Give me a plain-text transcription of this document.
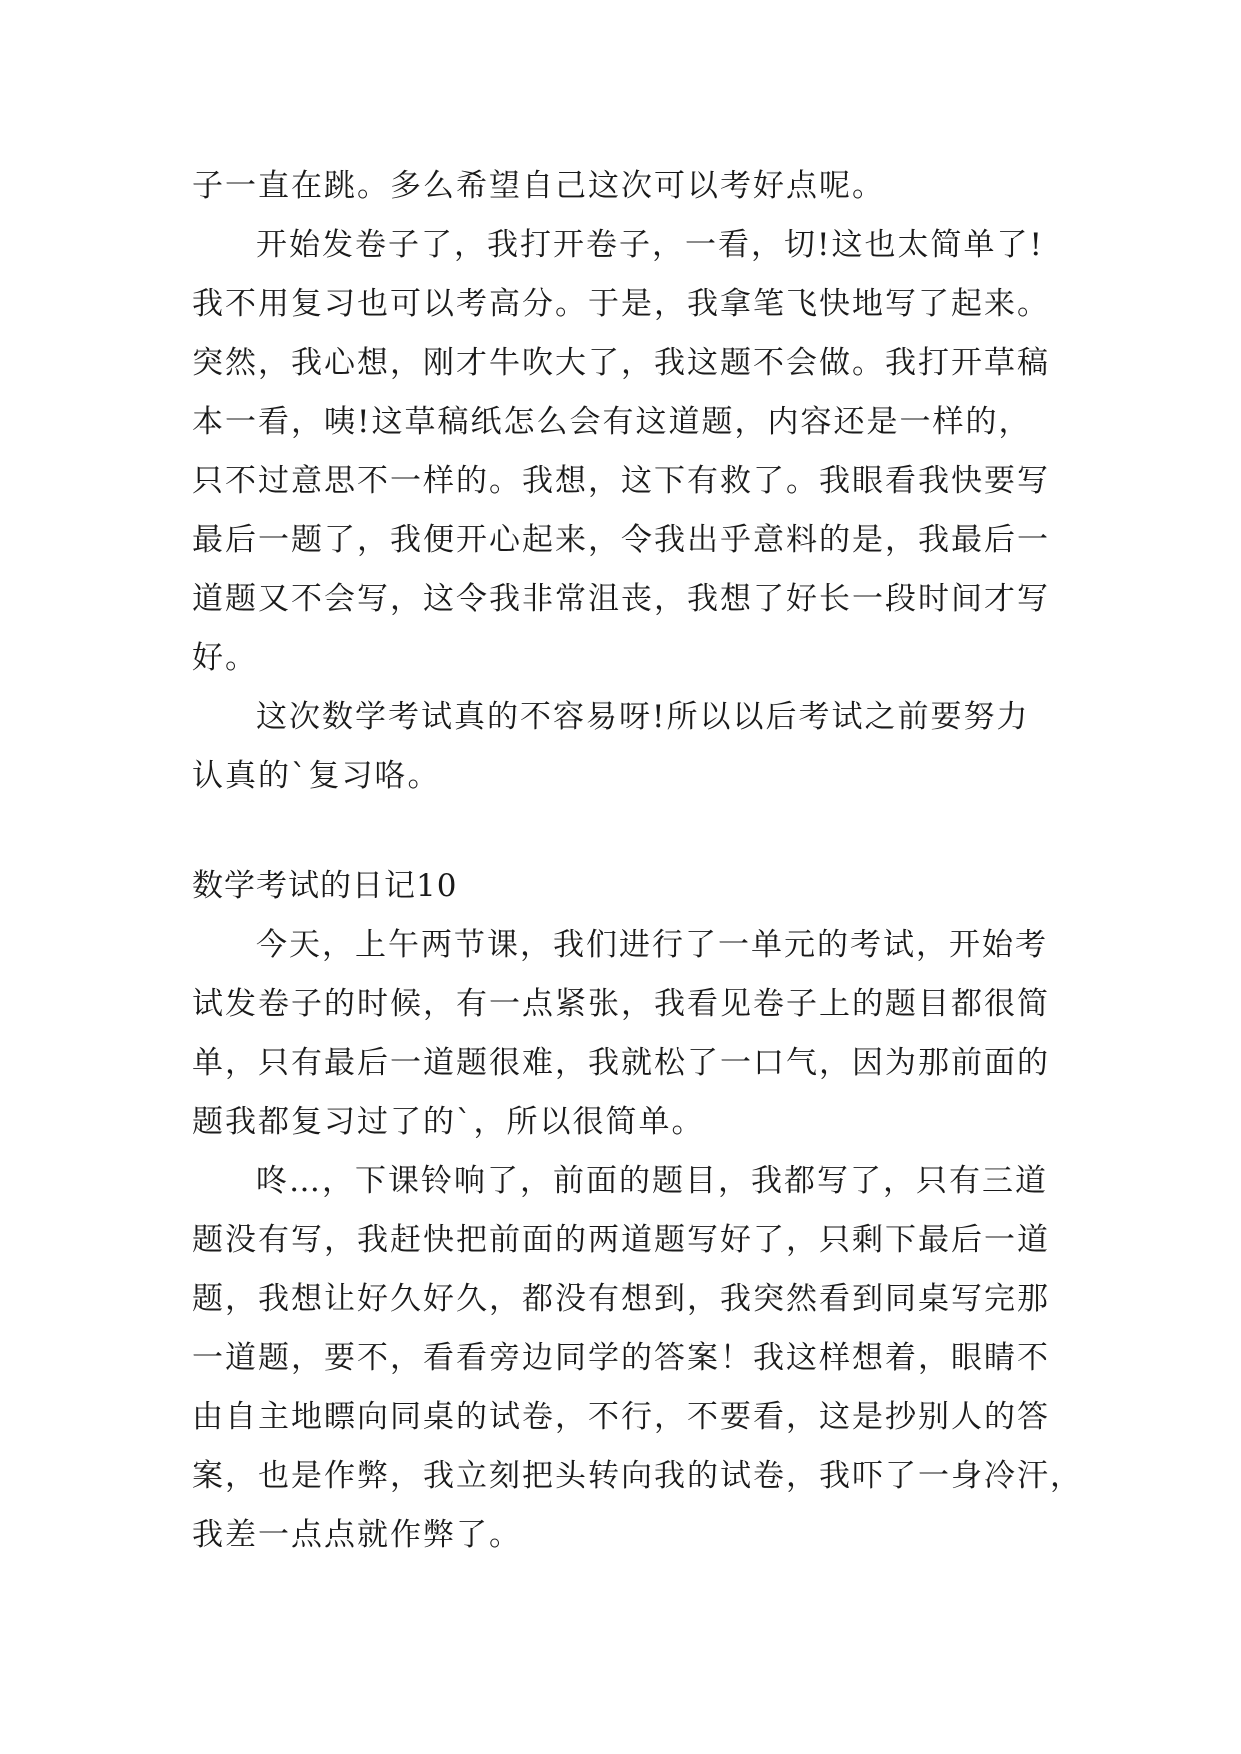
子一直在跳。多么希望自己这次可以考好点呢。
开始发卷子了，我打开卷子，一看，切!这也太简单了!
我不用复习也可以考高分。于是，我拿笔飞快地写了起来。
突然，我心想，刚才牛吹大了，我这题不会做。我打开草稿
本一看，咦!这草稿纸怎么会有这道题，内容还是一样的，
只不过意思不一样的。我想，这下有救了。我眼看我快要写
最后一题了，我便开心起来，令我出乎意料的是，我最后一
道题又不会写，这令我非常沮丧，我想了好长一段时间才写
好。
这次数学考试真的不容易呀!所以以后考试之前要努力
认真的`复习咯。
数学考试的日记10
今天，上午两节课，我们进行了一单元的考试，开始考
试发卷子的时候，有一点紧张，我看见卷子上的题目都很简
单，只有最后一道题很难，我就松了一口气，因为那前面的
题我都复习过了的`，所以很简单。
咚…，下课铃响了，前面的题目，我都写了，只有三道
题没有写，我赶快把前面的两道题写好了，只剩下最后一道
题，我想让好久好久，都没有想到，我突然看到同桌写完那
一道题，要不，看看旁边同学的答案！我这样想着，眼睛不
由自主地瞟向同桌的试卷，不行，不要看，这是抄别人的答
案，也是作弊，我立刻把头转向我的试卷，我吓了一身冷汗，
我差一点点就作弊了。
